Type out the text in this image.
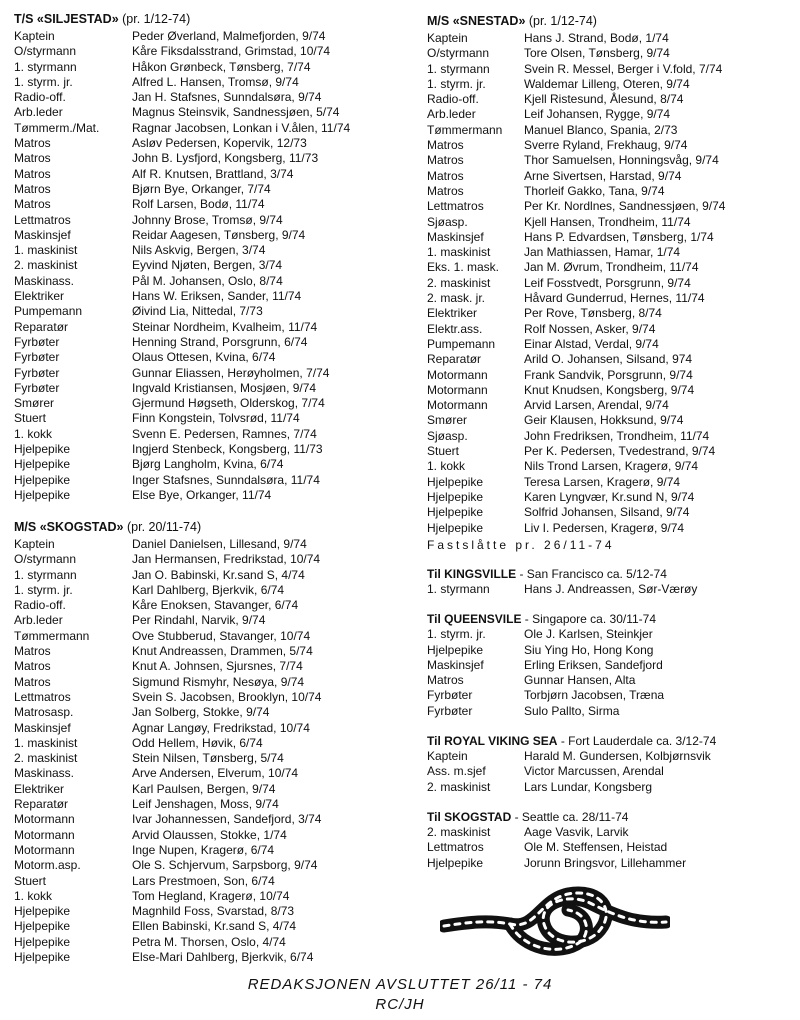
T/S «SILJESTAD» (pr. 1/12-74)
Kaptein	Peder Øverland, Malmefjorden, 9/74
O/styrmann	Kåre Fiksdalsstrand, Grimstad, 10/74
1. styrmann	Håkon Grønbeck, Tønsberg, 7/74
1. styrm. jr.	Alfred L. Hansen, Tromsø, 9/74
Radio-off.	Jan H. Stafsnes, Sunndalsøra, 9/74
Arb.leder	Magnus Steinsvik, Sandnessjøen, 5/74
Tømmerm./Mat.	Ragnar Jacobsen, Lonkan i V.ålen, 11/74
Matros	Asløv Pedersen, Kopervik, 12/73
Matros	John B. Lysfjord, Kongsberg, 11/73
Matros	Alf R. Knutsen, Brattland, 3/74
Matros	Bjørn Bye, Orkanger, 7/74
Matros	Rolf Larsen, Bodø, 11/74
Lettmatros	Johnny Brose, Tromsø, 9/74
Maskinsjef	Reidar Aagesen, Tønsberg, 9/74
1. maskinist	Nils Askvig, Bergen, 3/74
2. maskinist	Eyvind Njøten, Bergen, 3/74
Maskinass.	Pål M. Johansen, Oslo, 8/74
Elektriker	Hans W. Eriksen, Sander, 11/74
Pumpemann	Øivind Lia, Nittedal, 7/73
Reparatør	Steinar Nordheim, Kvalheim, 11/74
Fyrbøter	Henning Strand, Porsgrunn, 6/74
Fyrbøter	Olaus Ottesen, Kvina, 6/74
Fyrbøter	Gunnar Eliassen, Herøyholmen, 7/74
Fyrbøter	Ingvald Kristiansen, Mosjøen, 9/74
Smører	Gjermund Høgseth, Olderskog, 7/74
Stuert	Finn Kongstein, Tolvsrød, 11/74
1. kokk	Svenn E. Pedersen, Ramnes, 7/74
Hjelpepike	Ingjerd Stenbeck, Kongsberg, 11/73
Hjelpepike	Bjørg Langholm, Kvina, 6/74
Hjelpepike	Inger Stafsnes, Sunndalsøra, 11/74
Hjelpepike	Else Bye, Orkanger, 11/74
M/S «SKOGSTAD» (pr. 20/11-74)
Kaptein	Daniel Danielsen, Lillesand, 9/74
O/styrmann	Jan Hermansen, Fredrikstad, 10/74
1. styrmann	Jan O. Babinski, Kr.sand S, 4/74
1. styrm. jr.	Karl Dahlberg, Bjerkvik, 6/74
Radio-off.	Kåre Enoksen, Stavanger, 6/74
Arb.leder	Per Rindahl, Narvik, 9/74
Tømmermann	Ove Stubberud, Stavanger, 10/74
Matros	Knut Andreassen, Drammen, 5/74
Matros	Knut A. Johnsen, Sjursnes, 7/74
Matros	Sigmund Rismyhr, Nesøya, 9/74
Lettmatros	Svein S. Jacobsen, Brooklyn, 10/74
Matrosasp.	Jan Solberg, Stokke, 9/74
Maskinsjef	Agnar Langøy, Fredrikstad, 10/74
1. maskinist	Odd Hellem, Høvik, 6/74
2. maskinist	Stein Nilsen, Tønsberg, 5/74
Maskinass.	Arve Andersen, Elverum, 10/74
Elektriker	Karl Paulsen, Bergen, 9/74
Reparatør	Leif Jenshagen, Moss, 9/74
Motormann	Ivar Johannessen, Sandefjord, 3/74
Motormann	Arvid Olaussen, Stokke, 1/74
Motormann	Inge Nupen, Kragerø, 6/74
Motorm.asp.	Ole S. Schjervum, Sarpsborg, 9/74
Stuert	Lars Prestmoen, Son, 6/74
1. kokk	Tom Hegland, Kragerø, 10/74
Hjelpepike	Magnhild Foss, Svarstad, 8/73
Hjelpepike	Ellen Babinski, Kr.sand S, 4/74
Hjelpepike	Petra M. Thorsen, Oslo, 4/74
Hjelpepike	Else-Mari Dahlberg, Bjerkvik, 6/74
M/S «SNESTAD» (pr. 1/12-74)
Kaptein	Hans J. Strand, Bodø, 1/74
O/styrmann	Tore Olsen, Tønsberg, 9/74
1. styrmann	Svein R. Messel, Berger i V.fold, 7/74
1. styrm. jr.	Waldemar Lilleng, Oteren, 9/74
Radio-off.	Kjell Ristesund, Ålesund, 8/74
Arb.leder	Leif Johansen, Rygge, 9/74
Tømmermann	Manuel Blanco, Spania, 2/73
Matros	Sverre Ryland, Frekhaug, 9/74
Matros	Thor Samuelsen, Honningsvåg, 9/74
Matros	Arne Sivertsen, Harstad, 9/74
Matros	Thorleif Gakko, Tana, 9/74
Lettmatros	Per Kr. Nordlnes, Sandnessjøen, 9/74
Sjøasp.	Kjell Hansen, Trondheim, 11/74
Maskinsjef	Hans P. Edvardsen, Tønsberg, 1/74
1. maskinist	Jan Mathiassen, Hamar, 1/74
Eks. 1. mask.	Jan M. Øvrum, Trondheim, 11/74
2. maskinist	Leif Fosstvedt, Porsgrunn, 9/74
2. mask. jr.	Håvard Gunderrud, Hernes, 11/74
Elektriker	Per Rove, Tønsberg, 8/74
Elektr.ass.	Rolf Nossen, Asker, 9/74
Pumpemann	Einar Alstad, Verdal, 9/74
Reparatør	Arild O. Johansen, Silsand, 974
Motormann	Frank Sandvik, Porsgrunn, 9/74
Motormann	Knut Knudsen, Kongsberg, 9/74
Motormann	Arvid Larsen, Arendal, 9/74
Smører	Geir Klausen, Hokksund, 9/74
Sjøasp.	John Fredriksen, Trondheim, 11/74
Stuert	Per K. Pedersen, Tvedestrand, 9/74
1. kokk	Nils Trond Larsen, Kragerø, 9/74
Hjelpepike	Teresa Larsen, Kragerø, 9/74
Hjelpepike	Karen Lyngvær, Kr.sund N, 9/74
Hjelpepike	Solfrid Johansen, Silsand, 9/74
Hjelpepike	Liv I. Pedersen, Kragerø, 9/74
Fastslåtte pr. 26/11-74
Til KINGSVILLE - San Francisco ca. 5/12-74
1. styrmann	Hans J. Andreassen, Sør-Værøy
Til QUEENSVILE - Singapore ca. 30/11-74
1. styrm. jr.	Ole J. Karlsen, Steinkjer
Hjelpepike	Siu Ying Ho, Hong Kong
Maskinsjef	Erling Eriksen, Sandefjord
Matros	Gunnar Hansen, Alta
Fyrbøter	Torbjørn Jacobsen, Træna
Fyrbøter	Sulo Pallto, Sirma
Til ROYAL VIKING SEA - Fort Lauderdale ca. 3/12-74
Kaptein	Harald M. Gundersen, Kolbjørnsvik
Ass. m.sjef	Victor Marcussen, Arendal
2. maskinist	Lars Lundar, Kongsberg
Til SKOGSTAD - Seattle ca. 28/11-74
2. maskinist	Aage Vasvik, Larvik
Lettmatros	Ole M. Steffensen, Heistad
Hjelpepike	Jorunn Bringsvor, Lillehammer
REDAKSJONEN AVSLUTTET 26/11 - 74
RC/JH
